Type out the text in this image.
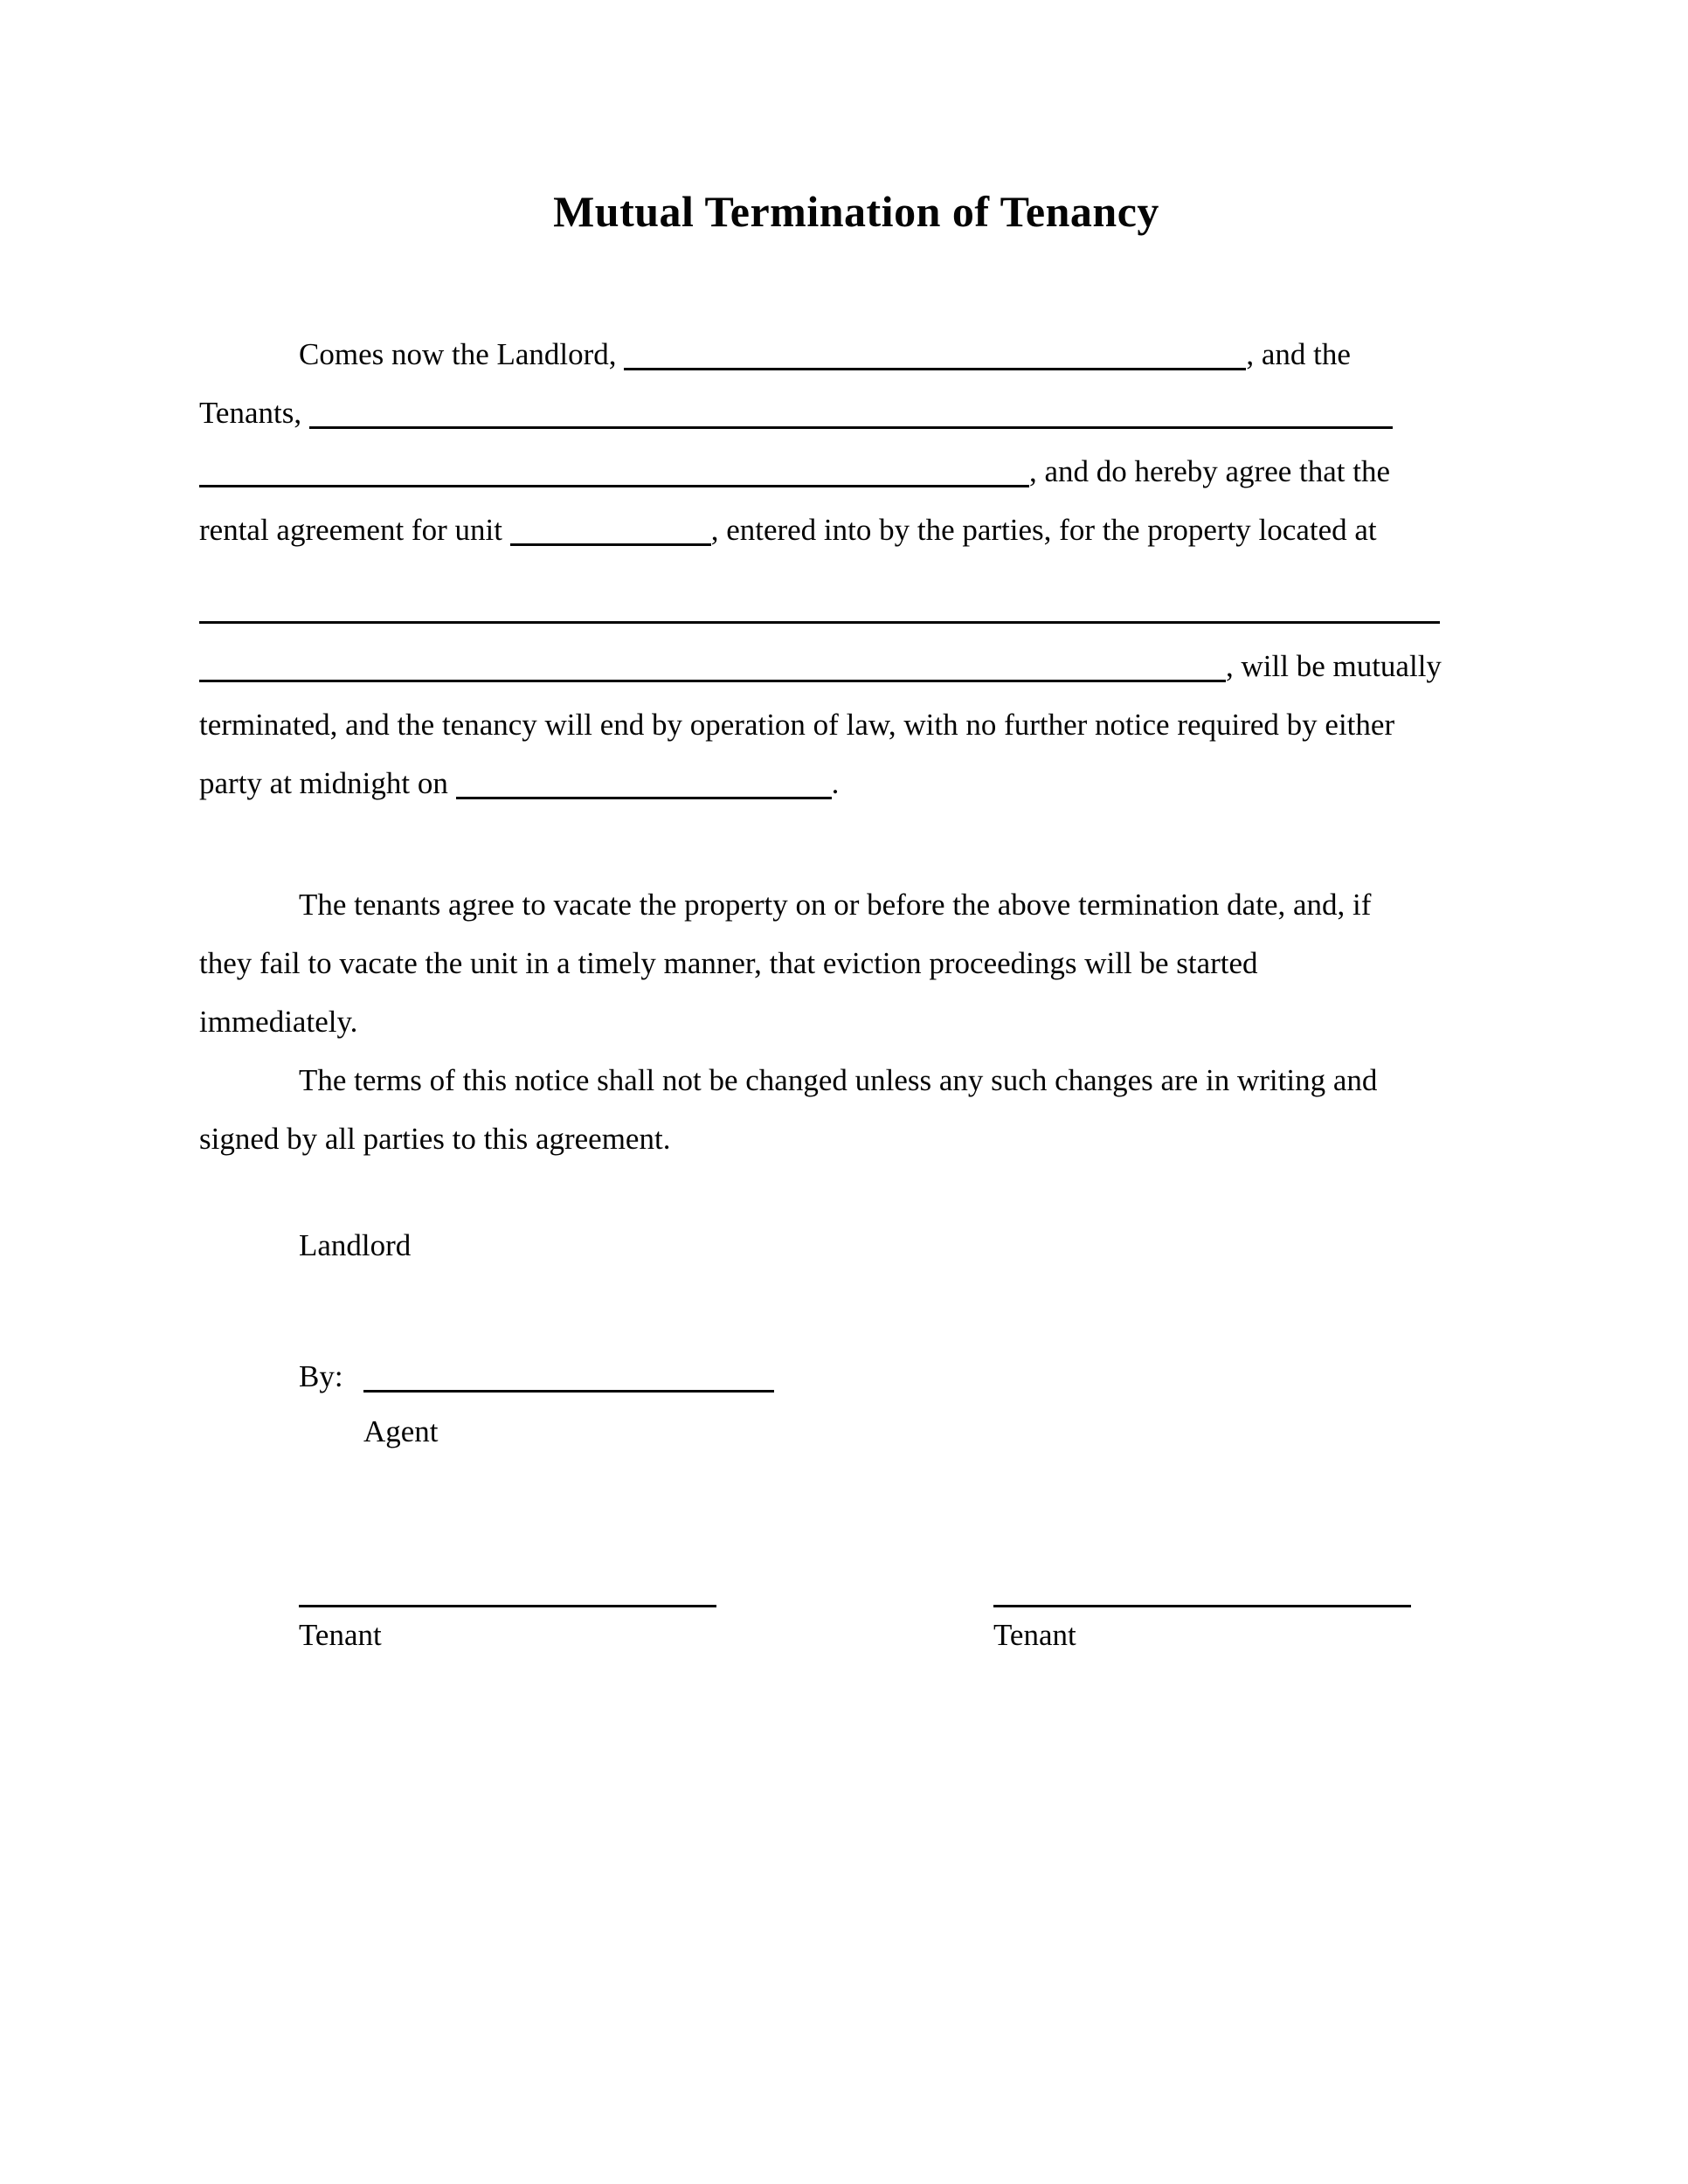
Mutual Termination of Tenancy
Comes now the Landlord,	, and the
Tenants,
, and do hereby agree that the
rental agreement for unit	, entered into by the parties, for the property located at
, will be mutually
terminated, and the tenancy will end by operation of law, with no further notice required by either
party at midnight on	.
The tenants agree to vacate the property on or before the above termination date, and, if
they fail to vacate the unit in a timely manner, that eviction proceedings will be started
immediately.
The terms of this notice shall not be changed unless any such changes are in writing and
signed by all parties to this agreement.
Landlord
By:
Agent
Tenant	Tenant
